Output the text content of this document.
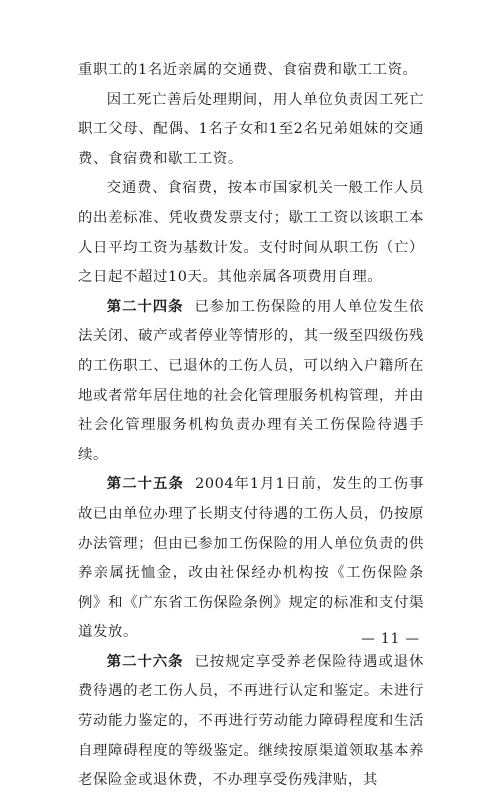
重职工的1名近亲属的交通费、食宿费和歇工工资。

因工死亡善后处理期间，用人单位负责因工死亡职工父母、配偶、1名子女和1至2名兄弟姐妹的交通费、食宿费和歇工工资。

交通费、食宿费，按本市国家机关一般工作人员的出差标准、凭收费发票支付；歇工工资以该职工本人日平均工资为基数计发。支付时间从职工伤（亡）之日起不超过10天。其他亲属各项费用自理。

第二十四条 已参加工伤保险的用人单位发生依法关闭、破产或者停业等情形的，其一级至四级伤残的工伤职工、已退休的工伤人员，可以纳入户籍所在地或者常年居住地的社会化管理服务机构管理，并由社会化管理服务机构负责办理有关工伤保险待遇手续。

第二十五条 2004年1月1日前，发生的工伤事故已由单位办理了长期支付待遇的工伤人员，仍按原办法管理；但由已参加工伤保险的用人单位负责的供养亲属抚恤金，改由社保经办机构按《工伤保险条例》和《广东省工伤保险条例》规定的标准和支付渠道发放。

第二十六条 已按规定享受养老保险待遇或退休费待遇的老工伤人员，不再进行认定和鉴定。未进行劳动能力鉴定的，不再进行劳动能力障碍程度和生活自理障碍程度的等级鉴定。继续按原渠道领取基本养老保险金或退休费，不办理享受伤残津贴，其

— 11 —
